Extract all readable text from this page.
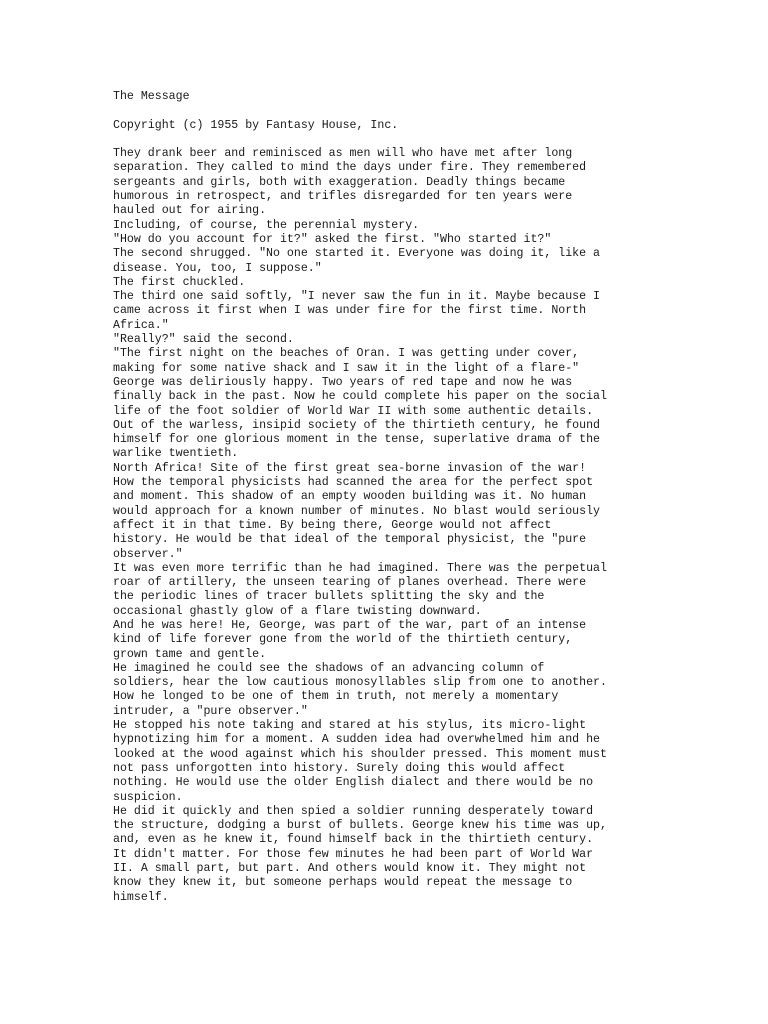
The Message
Copyright (c) 1955 by Fantasy House, Inc.
They drank beer and reminisced as men will who have met after long
separation. They called to mind the days under fire. They remembered
sergeants and girls, both with exaggeration. Deadly things became
humorous in retrospect, and trifles disregarded for ten years were
hauled out for airing.
Including, of course, the perennial mystery.
"How do you account for it?" asked the first. "Who started it?"
The second shrugged. "No one started it. Everyone was doing it, like a
disease. You, too, I suppose."
The first chuckled.
The third one said softly, "I never saw the fun in it. Maybe because I
came across it first when I was under fire for the first time. North
Africa."
"Really?" said the second.
"The first night on the beaches of Oran. I was getting under cover,
making for some native shack and I saw it in the light of a flare-"
George was deliriously happy. Two years of red tape and now he was
finally back in the past. Now he could complete his paper on the social
life of the foot soldier of World War II with some authentic details.
Out of the warless, insipid society of the thirtieth century, he found
himself for one glorious moment in the tense, superlative drama of the
warlike twentieth.
North Africa! Site of the first great sea-borne invasion of the war!
How the temporal physicists had scanned the area for the perfect spot
and moment. This shadow of an empty wooden building was it. No human
would approach for a known number of minutes. No blast would seriously
affect it in that time. By being there, George would not affect
history. He would be that ideal of the temporal physicist, the "pure
observer."
It was even more terrific than he had imagined. There was the perpetual
roar of artillery, the unseen tearing of planes overhead. There were
the periodic lines of tracer bullets splitting the sky and the
occasional ghastly glow of a flare twisting downward.
And he was here! He, George, was part of the war, part of an intense
kind of life forever gone from the world of the thirtieth century,
grown tame and gentle.
He imagined he could see the shadows of an advancing column of
soldiers, hear the low cautious monosyllables slip from one to another.
How he longed to be one of them in truth, not merely a momentary
intruder, a "pure observer."
He stopped his note taking and stared at his stylus, its micro-light
hypnotizing him for a moment. A sudden idea had overwhelmed him and he
looked at the wood against which his shoulder pressed. This moment must
not pass unforgotten into history. Surely doing this would affect
nothing. He would use the older English dialect and there would be no
suspicion.
He did it quickly and then spied a soldier running desperately toward
the structure, dodging a burst of bullets. George knew his time was up,
and, even as he knew it, found himself back in the thirtieth century.
It didn't matter. For those few minutes he had been part of World War
II. A small part, but part. And others would know it. They might not
know they knew it, but someone perhaps would repeat the message to
himself.
